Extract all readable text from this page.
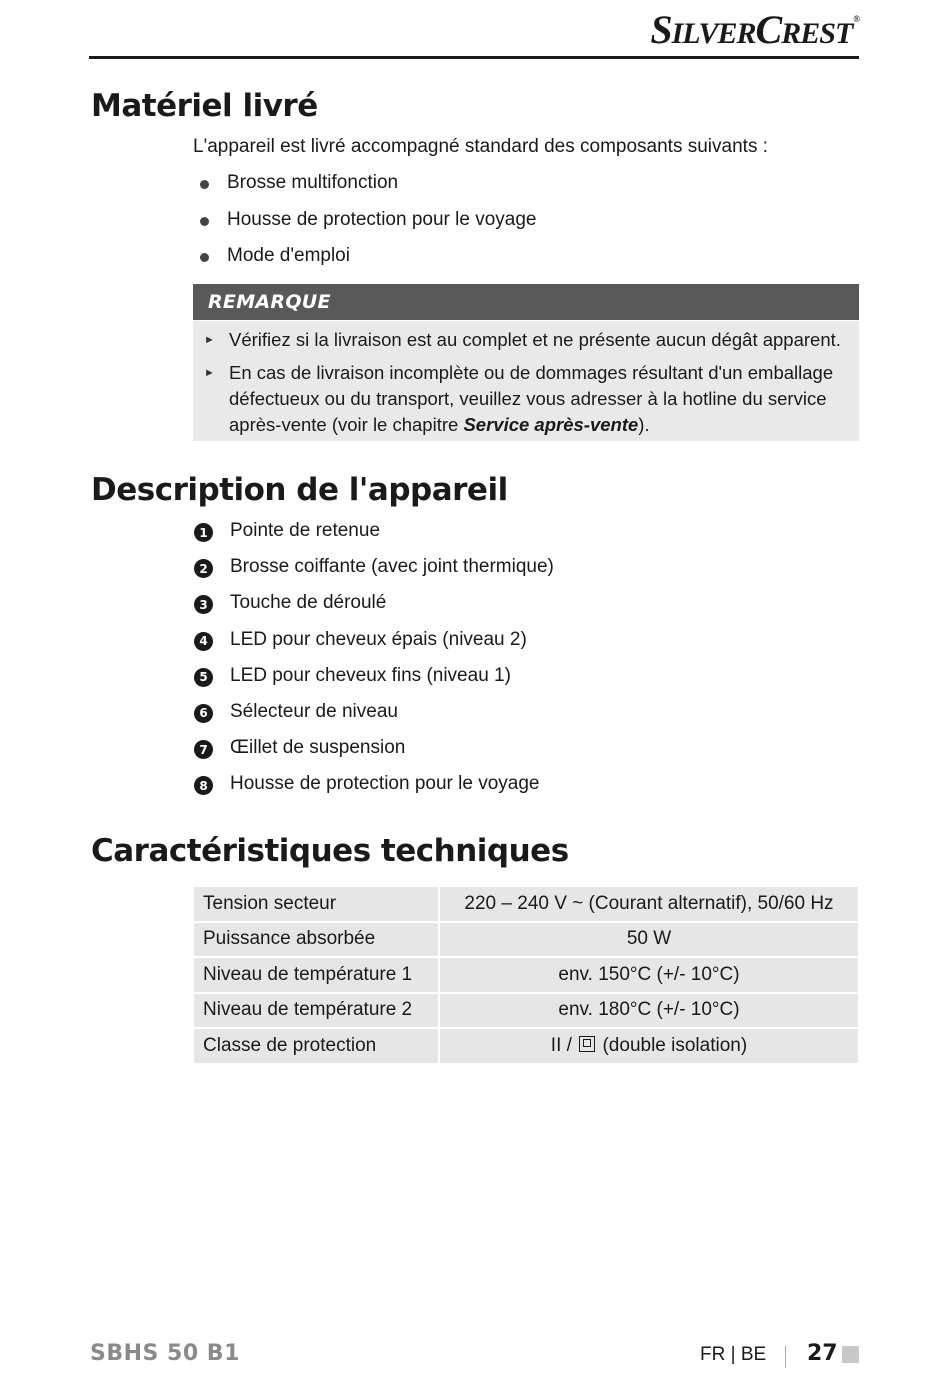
SILVERCREST®
Matériel livré
L'appareil est livré accompagné standard des composants suivants :
Brosse multifonction
Housse de protection pour le voyage
Mode d'emploi
REMARQUE
► Vérifiez si la livraison est au complet et ne présente aucun dégât apparent.
► En cas de livraison incomplète ou de dommages résultant d'un emballage défectueux ou du transport, veuillez vous adresser à la hotline du service après-vente (voir le chapitre Service après-vente).
Description de l'appareil
1 Pointe de retenue
2 Brosse coiffante (avec joint thermique)
3 Touche de déroulé
4 LED pour cheveux épais (niveau 2)
5 LED pour cheveux fins (niveau 1)
6 Sélecteur de niveau
7 Œillet de suspension
8 Housse de protection pour le voyage
Caractéristiques techniques
Tension secteur	220 – 240 V ~ (Courant alternatif), 50/60 Hz
Puissance absorbée	50 W
Niveau de température 1	env. 150°C (+/- 10°C)
Niveau de température 2	env. 180°C (+/- 10°C)
Classe de protection	II /  (double isolation)
SBHS 50 B1	FR | BE 27
